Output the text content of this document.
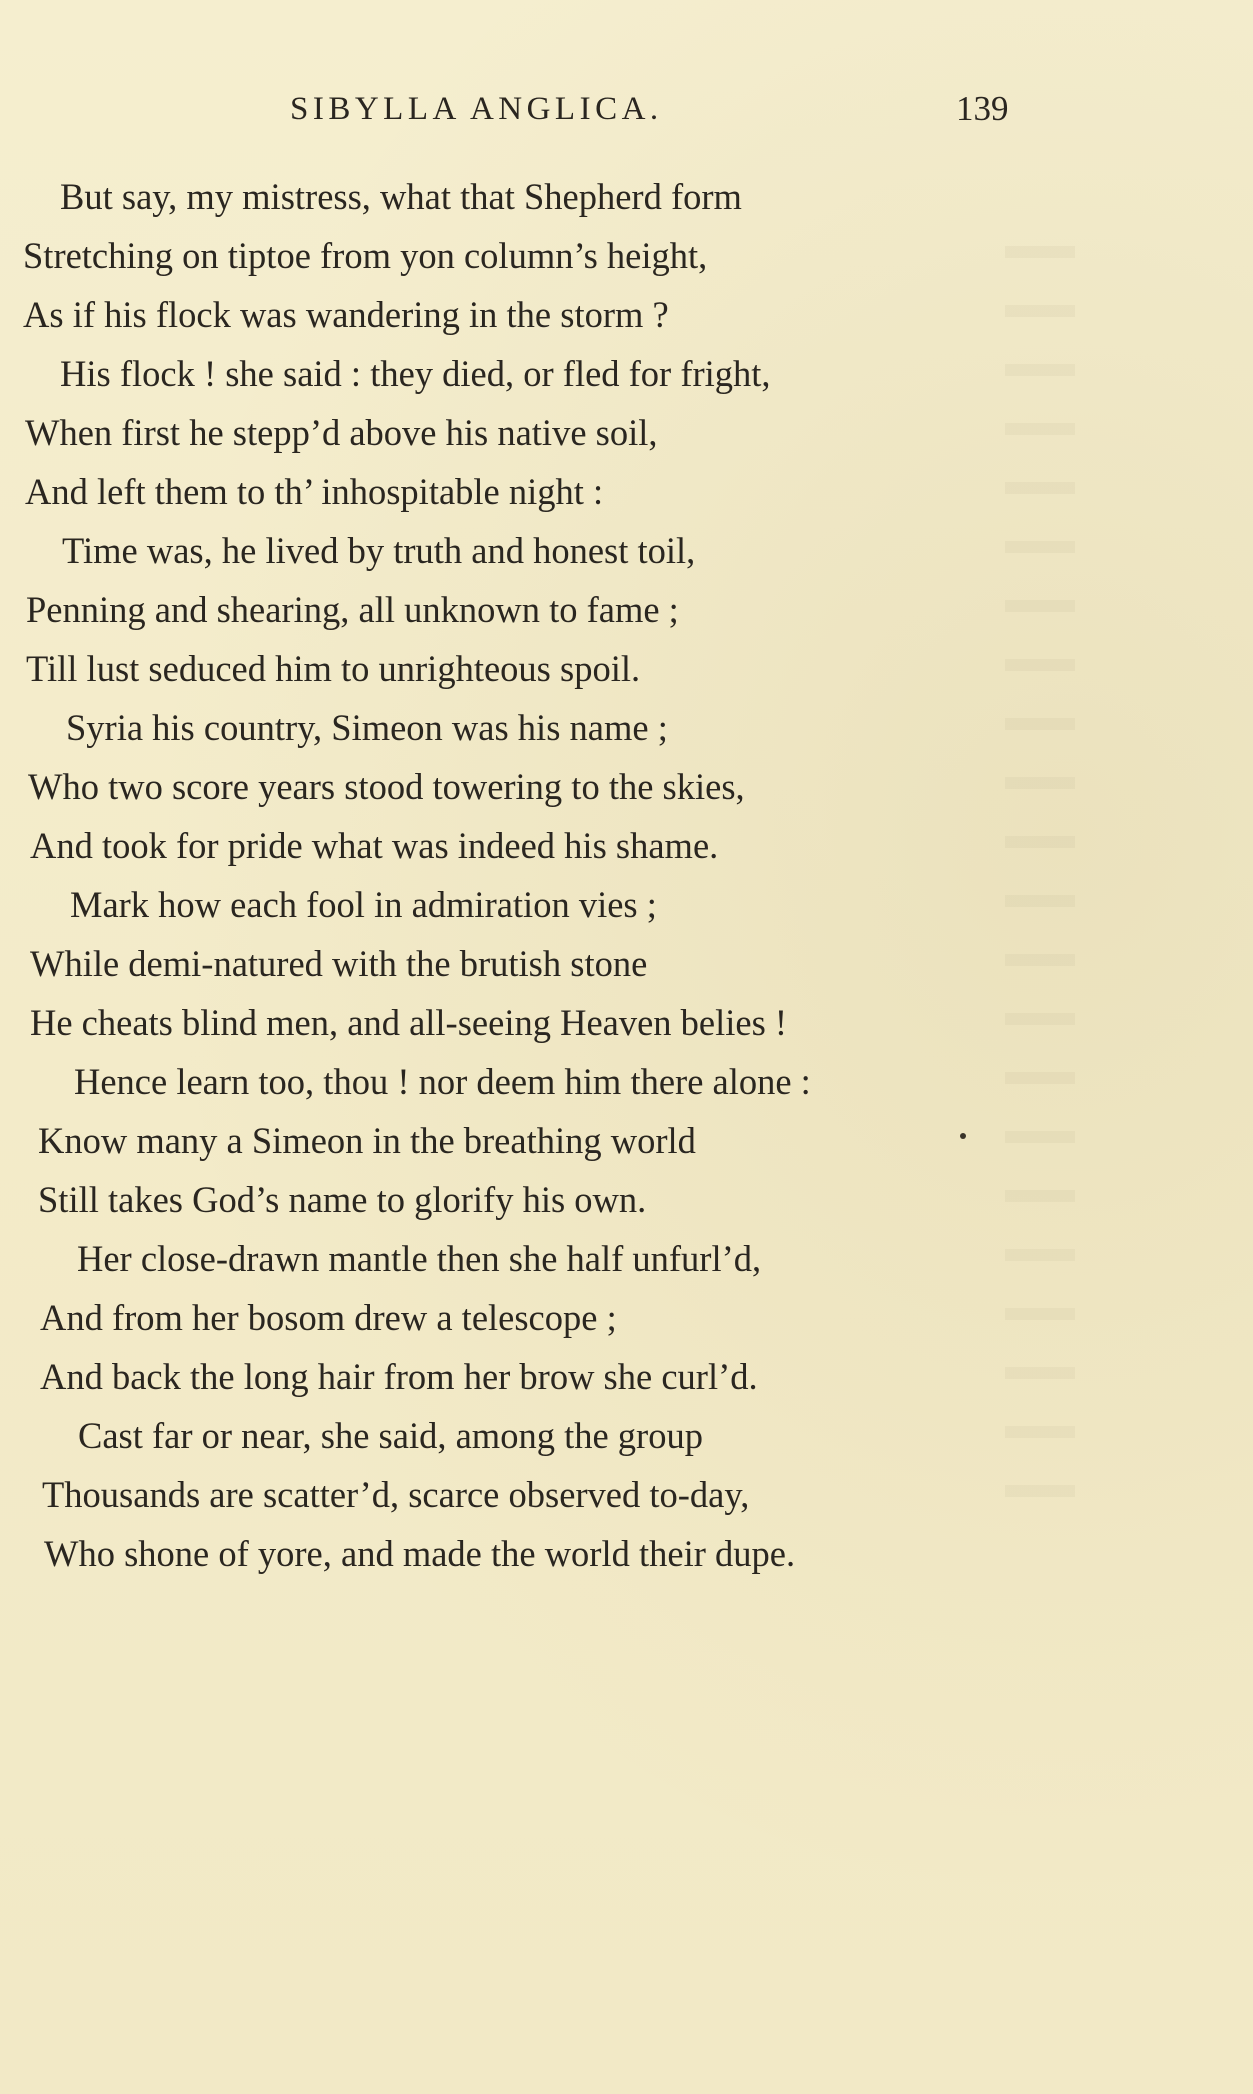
SIBYLLA ANGLICA.	139
But say, my mistress, what that Shepherd form
Stretching on tiptoe from yon column’s height,
As if his flock was wandering in the storm ?
His flock ! she said : they died, or fled for fright,
When first he stepp’d above his native soil,
And left them to th’ inhospitable night :
Time was, he lived by truth and honest toil,
Penning and shearing, all unknown to fame ;
Till lust seduced him to unrighteous spoil.
Syria his country, Simeon was his name ;
Who two score years stood towering to the skies,
And took for pride what was indeed his shame.
Mark how each fool in admiration vies ;
While demi-natured with the brutish stone
He cheats blind men, and all-seeing Heaven belies !
Hence learn too, thou ! nor deem him there alone :
Know many a Simeon in the breathing world
Still takes God’s name to glorify his own.
Her close-drawn mantle then she half unfurl’d,
And from her bosom drew a telescope ;
And back the long hair from her brow she curl’d.
Cast far or near, she said, among the group
Thousands are scatter’d, scarce observed to-day,
Who shone of yore, and made the world their dupe.
